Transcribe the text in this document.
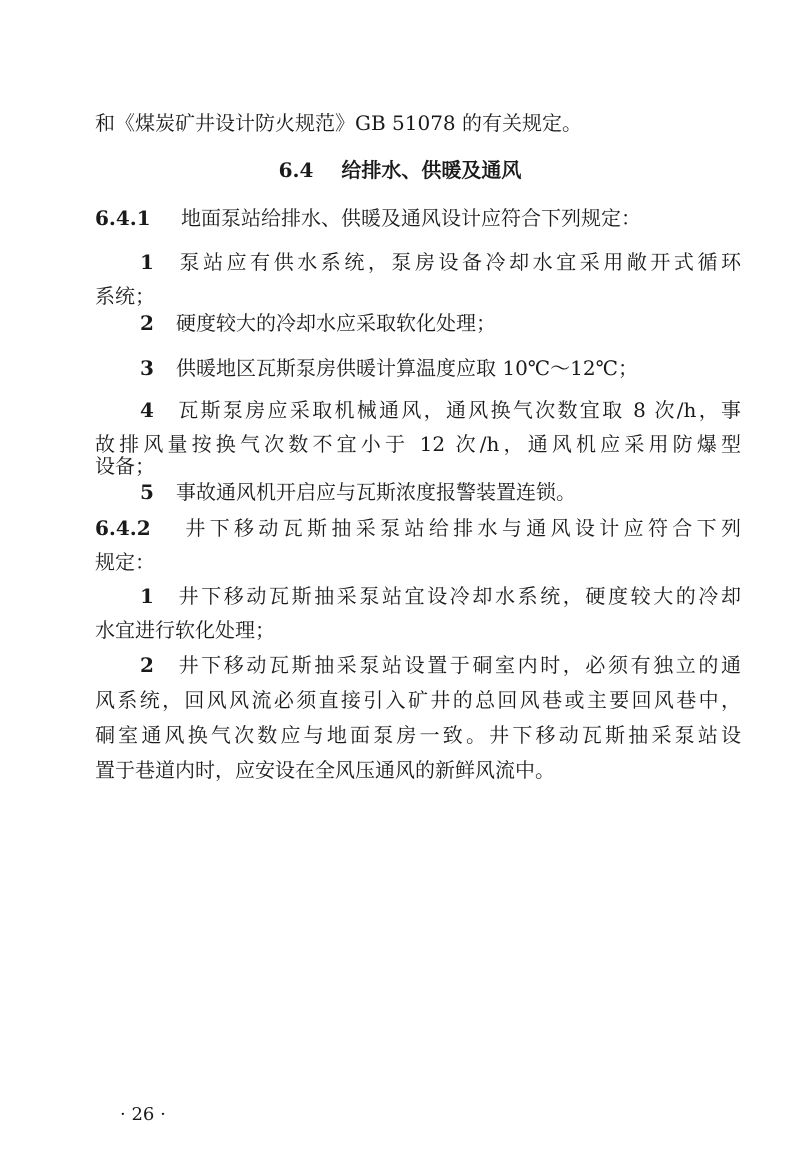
和《煤炭矿井设计防火规范》GB 51078 的有关规定。
6.4 给排水、供暖及通风
6.4.1 地面泵站给排水、供暖及通风设计应符合下列规定：
1 泵站应有供水系统，泵房设备冷却水宜采用敞开式循环
系统；
2 硬度较大的冷却水应采取软化处理；
3 供暖地区瓦斯泵房供暖计算温度应取 10℃～12℃；
4 瓦斯泵房应采取机械通风，通风换气次数宜取 8 次/h，事
故排风量按换气次数不宜小于 12 次/h，通风机应采用防爆型
设备；
5 事故通风机开启应与瓦斯浓度报警装置连锁。
6.4.2 井下移动瓦斯抽采泵站给排水与通风设计应符合下列
规定：
1 井下移动瓦斯抽采泵站宜设冷却水系统，硬度较大的冷却
水宜进行软化处理；
2 井下移动瓦斯抽采泵站设置于硐室内时，必须有独立的通
风系统，回风风流必须直接引入矿井的总回风巷或主要回风巷中，
硐室通风换气次数应与地面泵房一致。井下移动瓦斯抽采泵站设
置于巷道内时，应安设在全风压通风的新鲜风流中。
· 26 ·
